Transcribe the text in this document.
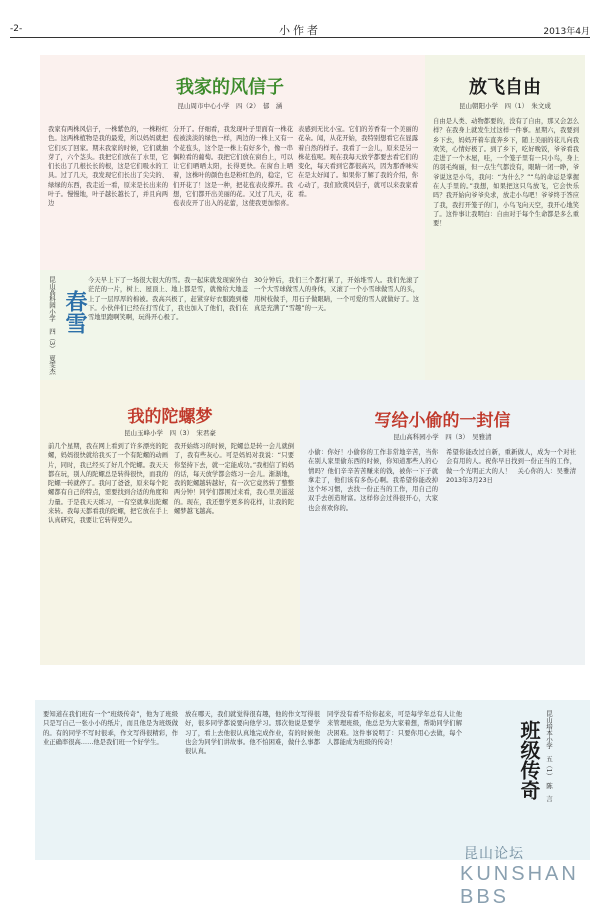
-2-	小作者	2013年4月
我家的风信子
昆山周市中心小学　四（2）　郁　涵
我家有两株风信子，一株紫色的，一株粉红色。这两株植物是我的最爱，所以妈妈就把它们买了回家。期末我家的时候，它们就抽芽了，六个茎头。我把它们放在了水里，它们长出了几根长长的根，这是它们吸水的工具。过了几天，我发现它们长出了尖尖的、绿绿的东西，我走近一看，原来是长出来的叶子。慢慢地，叶子越长越长了，并且向两边
分开了。仔细看，我发现叶子里面有一株花苞被淡淡的绿色一样，两边的一株上又有一个花苞头，这个是一株上有好多个，像一串偶粒看的葡萄。我把它们放在窗台上，可以让它们晒晒太阳，长得更快。在窗台上晒着，这株叶的颜色也是粉红色的，稳定，它们开花了！这是一种，把花苞表皮撑开。我想，它们都开出美丽的花。又过了几天，花苞表皮开了出入的花蕾，这使我更加惊喜。
表感到无比小宝。它们的芳香有一个美丽的花朵。闻，从花开始，我特别想看它在显露着自然的样子。我看了一会儿，原来是另一株花苞呢。观在我每天放学都要去看它们的变化，每天看到它都很高兴，因为那香味实在是太好闻了。如果你了解了我的介绍，你心动了，我们欣赏风信子，就可以来我家看看。
昆山高科园小学　四（3）　夏雯杰 春雪
今天早上下了一场很大很大的雪。我一起床就发现窗外白茫茫的一片，树上、屋顶上、地上都是雪，就像给大地盖上了一层厚厚的棉被。我高兴极了，赶紧穿好衣服跑到楼下。小伙伴们已经在打雪仗了，我也加入了他们，我们在雪地里跑啊笑啊，玩得开心极了。
30分钟后，我们三个都打累了，开始堆雪人。我们先滚了一个大雪球做雪人的身体，又滚了一个小雪球做雪人的头，用树枝做手，用石子做眼睛，一个可爱的雪人就做好了。这真是充满了“雪趣”的一天。
放飞自由
昆山朝阳小学　四（1）　朱文成
自由是人类、动物都要的，没有了自由，那又会怎么样？在我身上就发生过这样一件事。星期六，我要到乡下去，妈妈开着车直奔乡下，随上美丽的花儿向我欢笑，心情好极了。到了乡下，吃好晚饭，爷爷看我走进了一个木屋，哇，一个笼子里有一只小鸟，身上的羽毛绚丽，但一点生气都没有，眼睛一闭一睁，爷爷说这是小鸟，我问：“为什么？”“鸟的命运是掌握在人手里的。”我想，如果把这只鸟放飞，它会快乐吗？我开始向爷爷央求，放走小鸟吧！爷爷终于答应了我，我打开笼子的门，小鸟飞向天空，我开心地笑了。这件事让我明白：自由对于每个生命都是多么重要！
我的陀螺梦
昆山玉峰小学　四（3）　宋君豪
前几个星期，我在网上看到了许多漂亮的陀螺，妈妈很快就给我买了一个有陀螺的动画片，同时，我已经买了好几个陀螺。我天天都在玩，别人的陀螺总是转得很快，而我的陀螺一转就停了。我问了爸爸，原来每个陀螺都有自己的特点，需要找到合适的角度和力量。于是我天天练习，一有空就拿出陀螺来转。我每天都看我的陀螺，把它放在手上认真研究，我要让它转得更久。
我开始练习的时候，陀螺总是转一会儿就倒了，我有些灰心。可是妈妈对我说：“只要你坚持下去，就一定能成功。”我相信了妈妈的话，每天放学都会练习一会儿。渐渐地，我的陀螺越转越好，有一次它竟然转了整整两分钟！同学们都围过来看，我心里美滋滋的。现在，我还想学更多的花样，让我的陀螺梦越飞越高。
写给小偷的一封信
昆山高科园小学　四（3）　吴雅清
小偷：你好！小偷你的工作非常地辛苦，当你在别人家里偷东西的时候，你知道那些人的心情吗？他们辛辛苦苦赚来的钱，被你一下子就拿走了，他们该有多伤心啊。我希望你能改掉这个坏习惯，去找一份正当的工作，用自己的双手去创造财富。这样你会过得很开心，大家也会喜欢你的。
希望你能改过自新，重新做人，成为一个对社会有用的人。祝你早日找到一份正当的工作，做一个光明正大的人！　关心你的人：吴雅清　2013年3月23日
要知道在我们班有一个“班级传奇”，他为了班级只是写自己一张小小的纸片，而且他是为班级做的。有的同学不写时很乖，作文写得很精彩，作业正确率很高……他是我们班一个好学生。
放在哪天，我们就觉得很有趣，他的作文写得很好，很多同学都说要向他学习。那次他说是要学习了，看上去他很认真地完成作业，有的时候他也会为同学们讲故事。他不怕困难，做什么事都很认真。
同学没有看不给你起来，可是每学年总有人让他来管理班级，他总是为大家着想，帮助同学们解决困难。这件事说明了：只要你用心去做，每个人都能成为班级的传奇！	昆山培本小学　五（1）　陈　言
班级传奇
昆山论坛
KUNSHAN BBS
